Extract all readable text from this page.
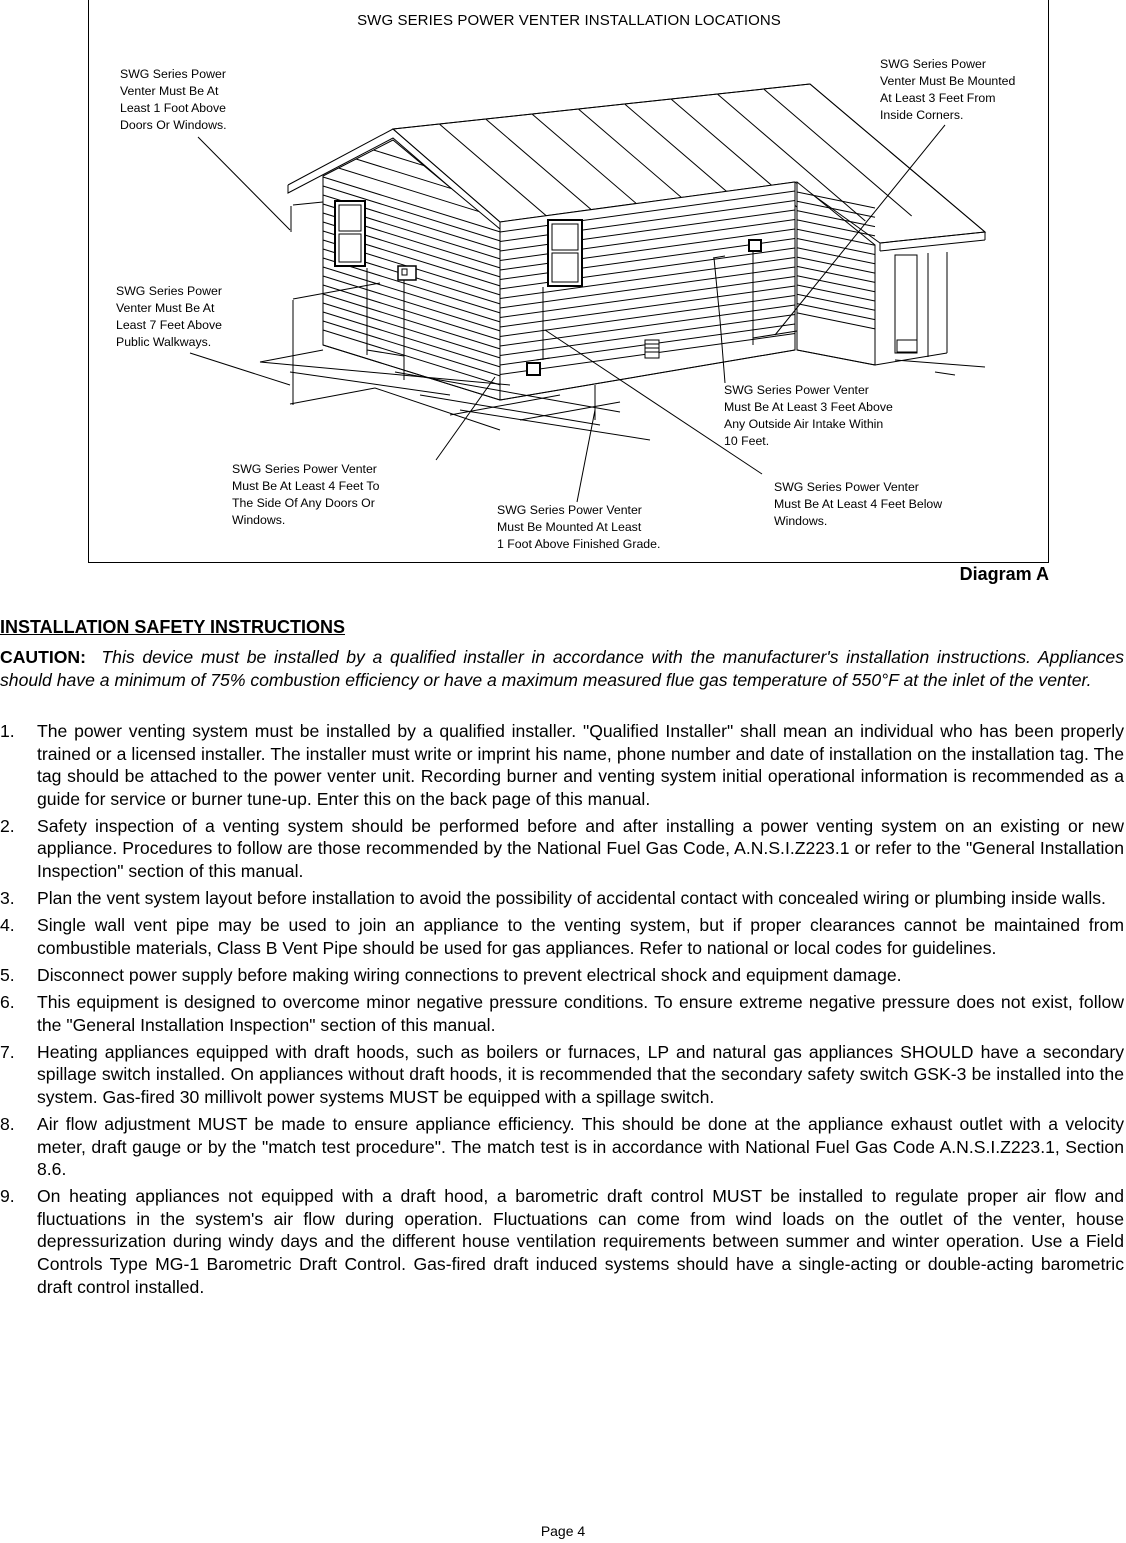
SWG SERIES POWER VENTER INSTALLATION LOCATIONS
SWG Series Power
Venter Must Be At
Least 1 Foot Above
Doors Or Windows.
SWG Series Power
Venter Must Be Mounted
At Least 3 Feet From
Inside Corners.
SWG Series Power
Venter Must Be At
Least 7 Feet Above
Public Walkways.
SWG Series Power Venter
Must Be At Least 3 Feet Above
Any Outside Air Intake Within
10 Feet.
SWG Series Power Venter
Must Be At Least 4 Feet To
The Side Of Any Doors Or
Windows.
SWG Series Power Venter
Must Be Mounted At Least
1 Foot Above Finished Grade.
SWG Series Power Venter
Must Be At Least 4 Feet Below
Windows.
Diagram A
INSTALLATION SAFETY INSTRUCTIONS
CAUTION: This device must be installed by a qualified installer in accordance with the manufacturer's installation instructions. Appliances should have a minimum of 75% combustion efficiency or have a maximum measured flue gas temperature of 550°F at the inlet of the venter.
1. The power venting system must be installed by a qualified installer. "Qualified Installer" shall mean an individual who has been properly trained or a licensed installer. The installer must write or imprint his name, phone number and date of installation on the installation tag. The tag should be attached to the power venter unit. Recording burner and venting system initial operational information is recommended as a guide for service or burner tune-up. Enter this on the back page of this manual.
2. Safety inspection of a venting system should be performed before and after installing a power venting system on an existing or new appliance. Procedures to follow are those recommended by the National Fuel Gas Code, A.N.S.I.Z223.1 or refer to the "General Installation Inspection" section of this manual.
3. Plan the vent system layout before installation to avoid the possibility of accidental contact with concealed wiring or plumbing inside walls.
4. Single wall vent pipe may be used to join an appliance to the venting system, but if proper clearances cannot be maintained from combustible materials, Class B Vent Pipe should be used for gas appliances. Refer to national or local codes for guidelines.
5. Disconnect power supply before making wiring connections to prevent electrical shock and equipment damage.
6. This equipment is designed to overcome minor negative pressure conditions. To ensure extreme negative pressure does not exist, follow the "General Installation Inspection" section of this manual.
7. Heating appliances equipped with draft hoods, such as boilers or furnaces, LP and natural gas appliances SHOULD have a secondary spillage switch installed. On appliances without draft hoods, it is recommended that the secondary safety switch GSK-3 be installed into the system. Gas-fired 30 millivolt power systems MUST be equipped with a spillage switch.
8. Air flow adjustment MUST be made to ensure appliance efficiency. This should be done at the appliance exhaust outlet with a velocity meter, draft gauge or by the "match test procedure". The match test is in accordance with National Fuel Gas Code A.N.S.I.Z223.1, Section 8.6.
9. On heating appliances not equipped with a draft hood, a barometric draft control MUST be installed to regulate proper air flow and fluctuations in the system's air flow during operation. Fluctuations can come from wind loads on the outlet of the venter, house depressurization during windy days and the different house ventilation requirements between summer and winter operation. Use a Field Controls Type MG-1 Barometric Draft Control. Gas-fired draft induced systems should have a single-acting or double-acting barometric draft control installed.
Page 4
